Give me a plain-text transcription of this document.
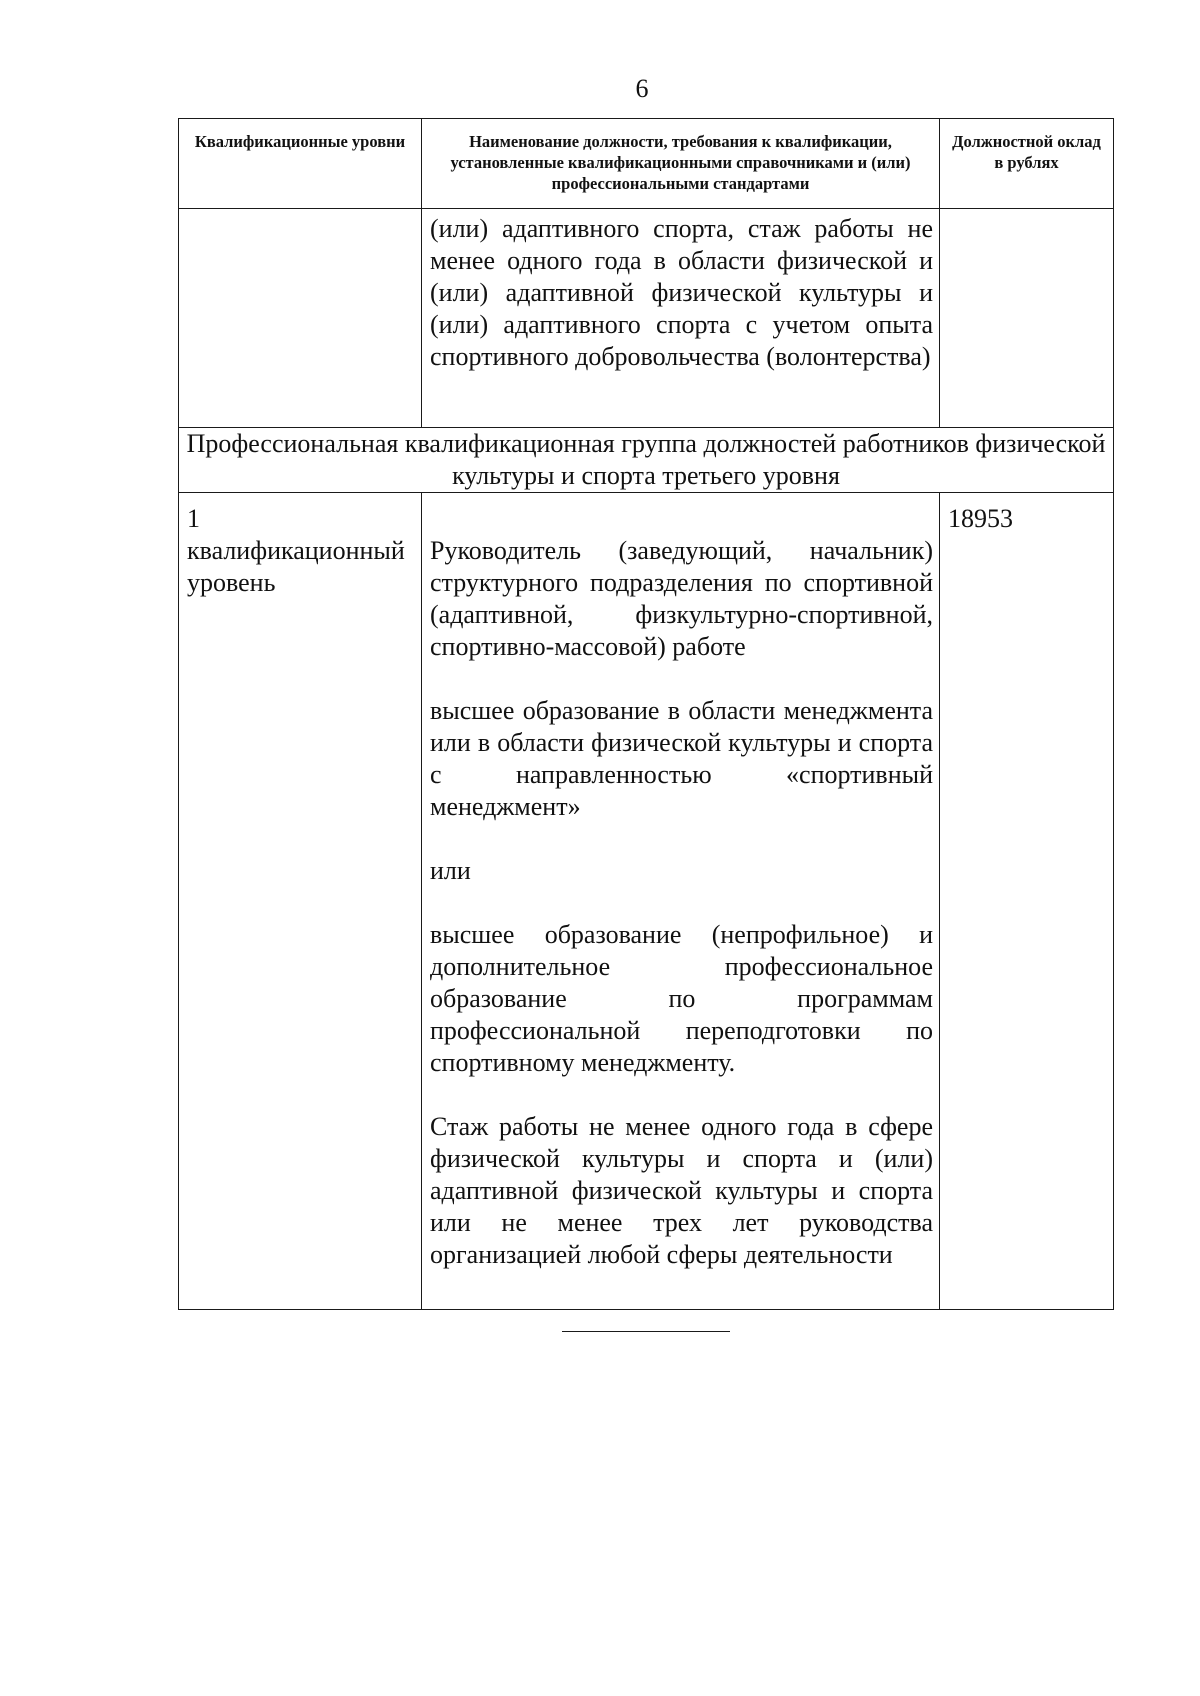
6
Квалификационные уровни	Наименование должности, требования к квалификации, установленные квалификационными справочниками и (или) профессиональными стандартами	Должностной оклад в рублях

	(или) адаптивного спорта, стаж работы не менее одного года в области физической и (или) адаптивной физической культуры и (или) адаптивного спорта с учетом опыта спортивного добровольчества (волонтерства)	

Профессиональная квалификационная группа должностей работников физической культуры и спорта третьего уровня		

1 квалификационный уровень	Руководитель (заведующий, начальник) структурного подразделения по спортивной (адаптивной, физкультурно-спортивной, спортивно-массовой) работе

высшее образование в области менеджмента или в области физической культуры и спорта с направленностью «спортивный менеджмент»

или

высшее образование (непрофильное) и дополнительное профессиональное образование по программам профессиональной переподготовки по спортивному менеджменту.

Стаж работы не менее одного года в сфере физической культуры и спорта и (или) адаптивной физической культуры и спорта или не менее трех лет руководства организацией любой сферы деятельности	18953
